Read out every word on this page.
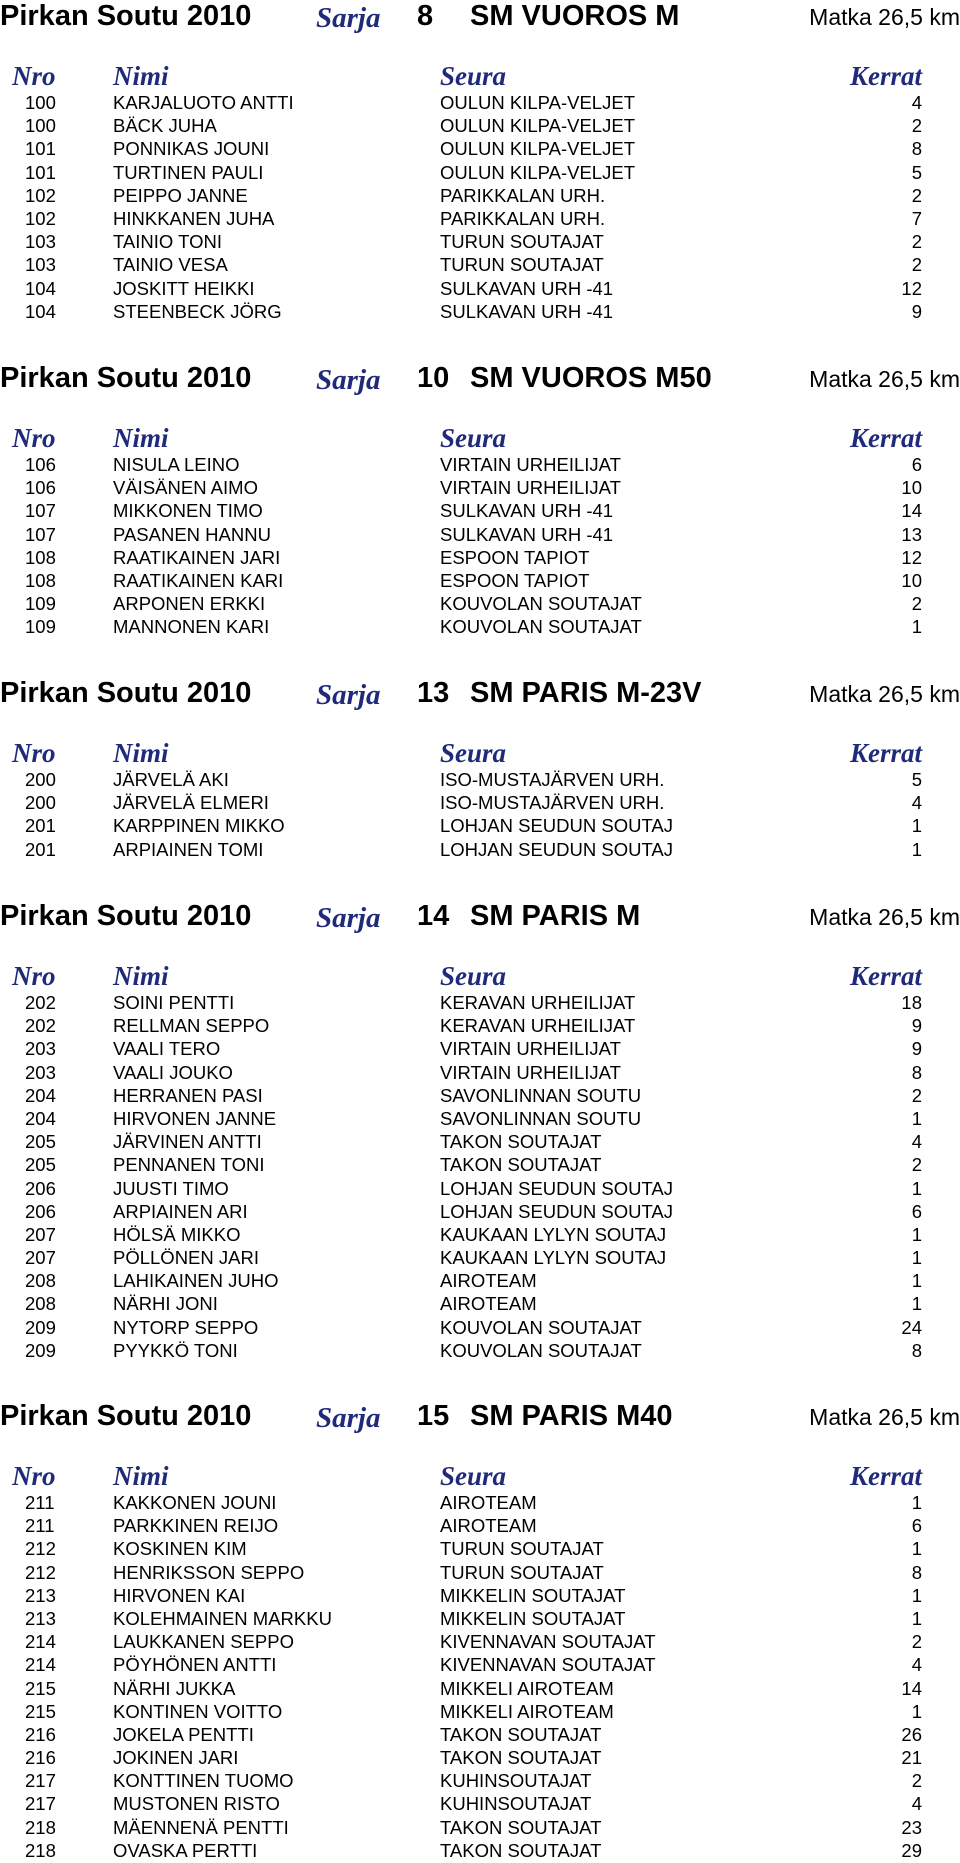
Pirkan Soutu 2010 Sarja 8 SM VUOROS M	Matka 26,5 km
Nro Nimi	Seura	Kerrat
100	KARJALUOTO ANTTI	OULUN KILPA-VELJET	4
100	BÄCK JUHA	OULUN KILPA-VELJET	2
101	PONNIKAS JOUNI	OULUN KILPA-VELJET	8
101	TURTINEN PAULI	OULUN KILPA-VELJET	5
102	PEIPPO JANNE	PARIKKALAN URH.	2
102	HINKKANEN JUHA	PARIKKALAN URH.	7
103	TAINIO TONI	TURUN SOUTAJAT	2
103	TAINIO VESA	TURUN SOUTAJAT	2
104	JOSKITT HEIKKI	SULKAVAN URH -41	12
104	STEENBECK JÖRG	SULKAVAN URH -41	9
Pirkan Soutu 2010 Sarja 10 SM VUOROS M50	Matka 26,5 km
Nro Nimi	Seura	Kerrat
106	NISULA LEINO	VIRTAIN URHEILIJAT	6
106	VÄISÄNEN AIMO	VIRTAIN URHEILIJAT	10
107	MIKKONEN TIMO	SULKAVAN URH -41	14
107	PASANEN HANNU	SULKAVAN URH -41	13
108	RAATIKAINEN JARI	ESPOON TAPIOT	12
108	RAATIKAINEN KARI	ESPOON TAPIOT	10
109	ARPONEN ERKKI	KOUVOLAN SOUTAJAT	2
109	MANNONEN KARI	KOUVOLAN SOUTAJAT	1
Pirkan Soutu 2010 Sarja 13 SM PARIS M-23V	Matka 26,5 km
Nro Nimi	Seura	Kerrat
200	JÄRVELÄ AKI	ISO-MUSTAJÄRVEN URH.	5
200	JÄRVELÄ ELMERI	ISO-MUSTAJÄRVEN URH.	4
201	KARPPINEN MIKKO	LOHJAN SEUDUN SOUTAJ	1
201	ARPIAINEN TOMI	LOHJAN SEUDUN SOUTAJ	1
Pirkan Soutu 2010 Sarja 14 SM PARIS M	Matka 26,5 km
Nro Nimi	Seura	Kerrat
202	SOINI PENTTI	KERAVAN URHEILIJAT	18
202	RELLMAN SEPPO	KERAVAN URHEILIJAT	9
203	VAALI TERO	VIRTAIN URHEILIJAT	9
203	VAALI JOUKO	VIRTAIN URHEILIJAT	8
204	HERRANEN PASI	SAVONLINNAN SOUTU	2
204	HIRVONEN JANNE	SAVONLINNAN SOUTU	1
205	JÄRVINEN ANTTI	TAKON SOUTAJAT	4
205	PENNANEN TONI	TAKON SOUTAJAT	2
206	JUUSTI TIMO	LOHJAN SEUDUN SOUTAJ	1
206	ARPIAINEN ARI	LOHJAN SEUDUN SOUTAJ	6
207	HÖLSÄ MIKKO	KAUKAAN LYLYN SOUTAJ	1
207	PÖLLÖNEN JARI	KAUKAAN LYLYN SOUTAJ	1
208	LAHIKAINEN JUHO	AIROTEAM	1
208	NÄRHI JONI	AIROTEAM	1
209	NYTORP SEPPO	KOUVOLAN SOUTAJAT	24
209	PYYKKÖ TONI	KOUVOLAN SOUTAJAT	8
Pirkan Soutu 2010 Sarja 15 SM PARIS M40	Matka 26,5 km
Nro Nimi	Seura	Kerrat
211	KAKKONEN JOUNI	AIROTEAM	1
211	PARKKINEN REIJO	AIROTEAM	6
212	KOSKINEN KIM	TURUN SOUTAJAT	1
212	HENRIKSSON SEPPO	TURUN SOUTAJAT	8
213	HIRVONEN KAI	MIKKELIN SOUTAJAT	1
213	KOLEHMAINEN MARKKU	MIKKELIN SOUTAJAT	1
214	LAUKKANEN SEPPO	KIVENNAVAN SOUTAJAT	2
214	PÖYHÖNEN ANTTI	KIVENNAVAN SOUTAJAT	4
215	NÄRHI JUKKA	MIKKELI AIROTEAM	14
215	KONTINEN VOITTO	MIKKELI AIROTEAM	1
216	JOKELA PENTTI	TAKON SOUTAJAT	26
216	JOKINEN JARI	TAKON SOUTAJAT	21
217	KONTTINEN TUOMO	KUHINSOUTAJAT	2
217	MUSTONEN RISTO	KUHINSOUTAJAT	4
218	MÄENNENÄ PENTTI	TAKON SOUTAJAT	23
218	OVASKA PERTTI	TAKON SOUTAJAT	29
